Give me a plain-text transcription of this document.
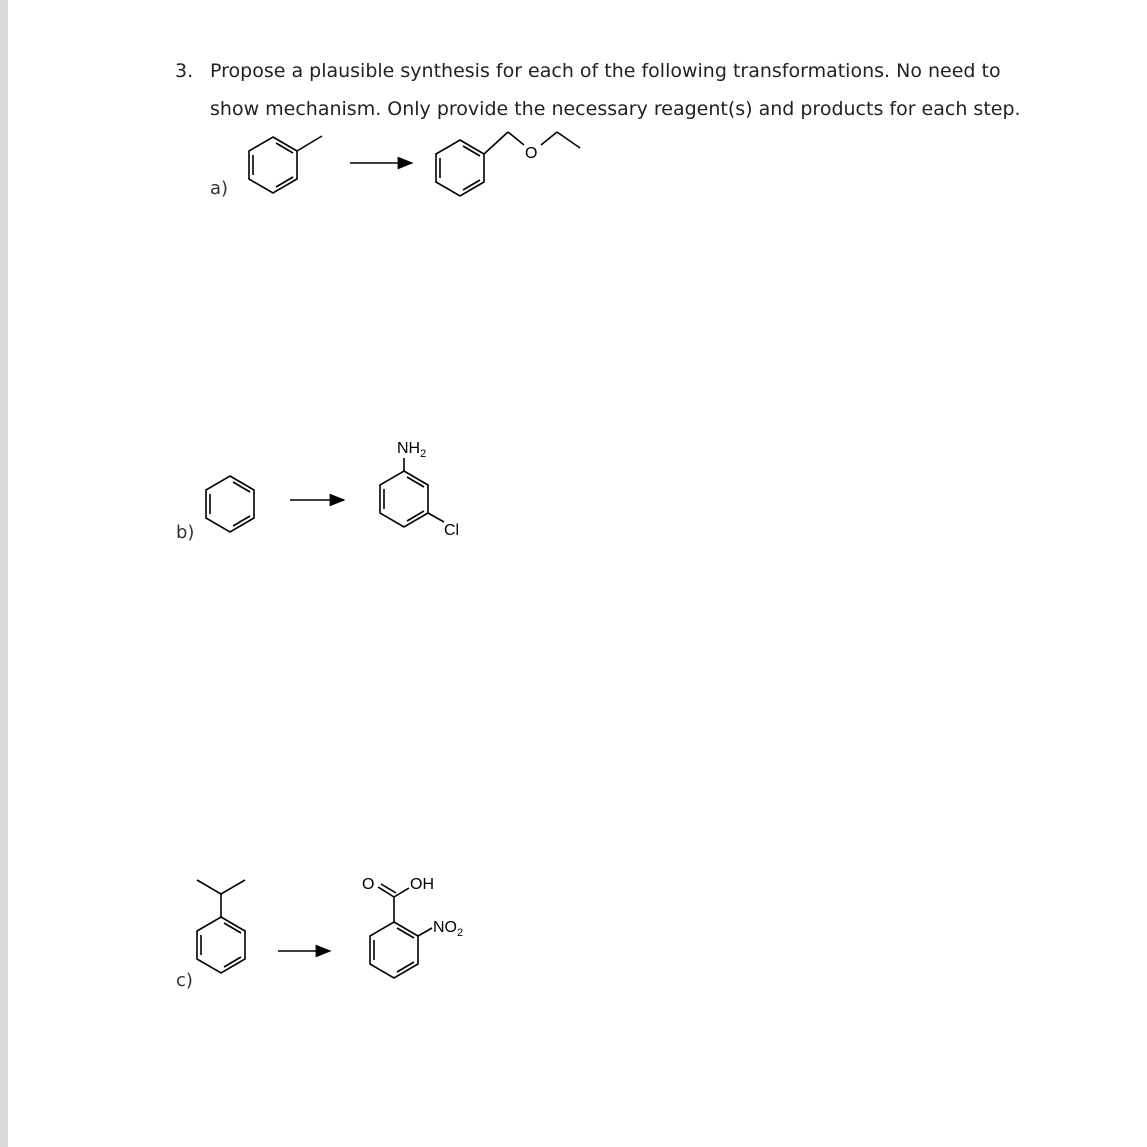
3. Propose a plausible synthesis for each of the following transformations. No need to
show mechanism. Only provide the necessary reagent(s) and products for each step.
a)
b)
c)
O
$NH_2$
Cl
O OH
$NO_2$
